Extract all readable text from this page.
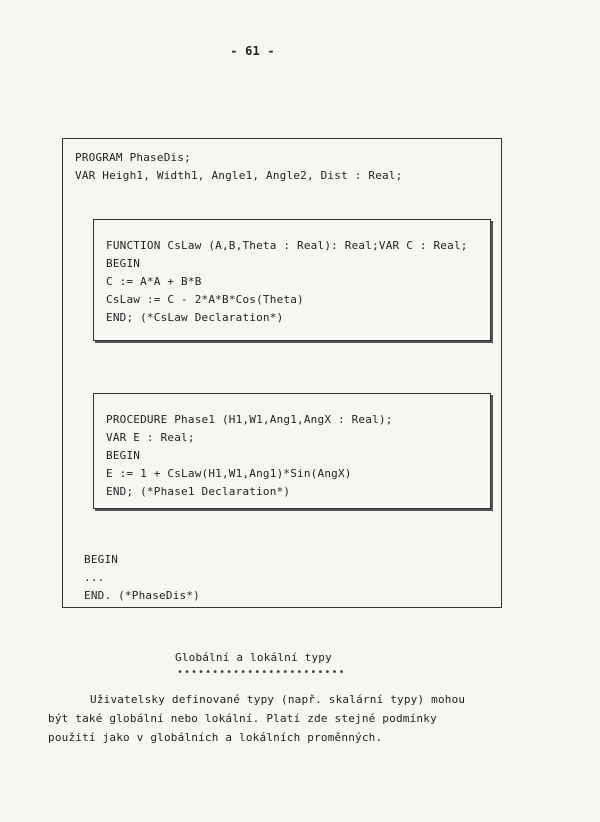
- 61 -
PROGRAM PhaseDis;
VAR Heigh1, Width1, Angle1, Angle2, Dist : Real;
FUNCTION CsLaw (A,B,Theta : Real): Real;VAR C : Real;
BEGIN
C := A*A + B*B
CsLaw := C - 2*A*B*Cos(Theta)
END; (*CsLaw Declaration*)
PROCEDURE Phase1 (H1,W1,Ang1,AngX : Real);
VAR E : Real;
BEGIN
E := 1 + CsLaw(H1,W1,Ang1)*Sin(AngX)
END; (*Phase1 Declaration*)
BEGIN
...
END. (*PhaseDis*)
Globální a lokální typy
••••••••••••••••••••••••
Uživatelsky definované typy (např. skalární typy) mohou
být také globální nebo lokální. Platí zde stejné podmínky
použití jako v globálních a lokálních proměnných.
